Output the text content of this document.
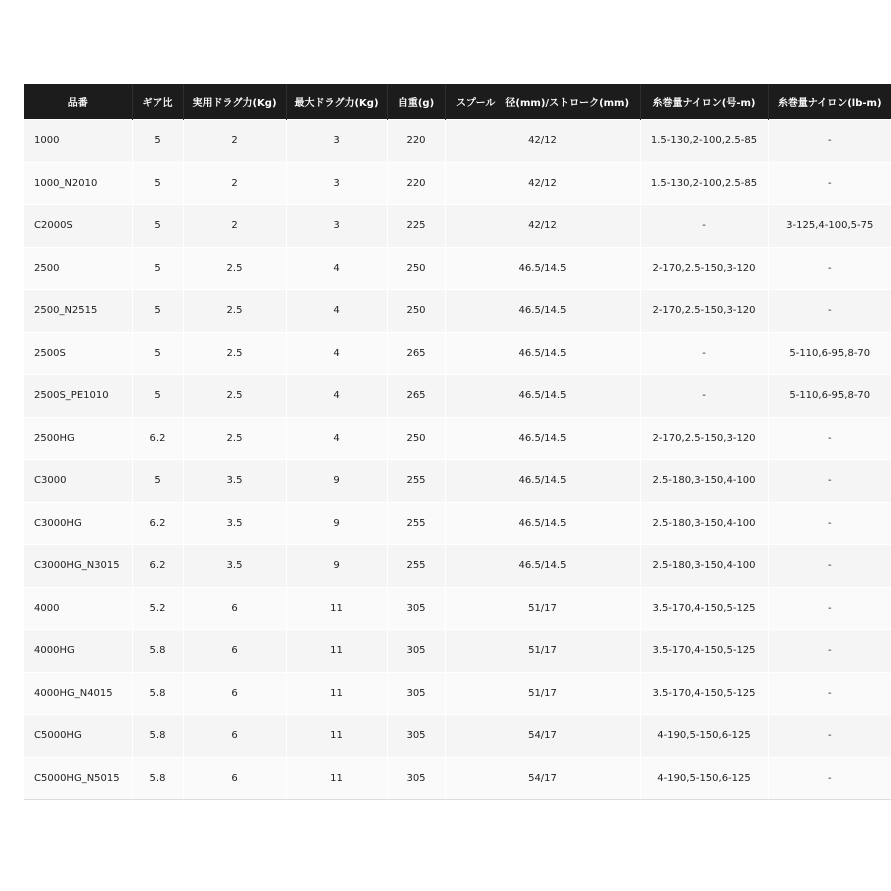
品番	ギア比	実用ドラグ力(Kg)	最大ドラグ力(Kg)	自重(g)	スプール　径(mm)/ストローク(mm)	糸巻量ナイロン(号-m)	糸巻量ナイロン(lb-m)
1000	5	2	3	220	42/12	1.5-130,2-100,2.5-85	-
1000_N2010	5	2	3	220	42/12	1.5-130,2-100,2.5-85	-
C2000S	5	2	3	225	42/12	-	3-125,4-100,5-75
2500	5	2.5	4	250	46.5/14.5	2-170,2.5-150,3-120	-
2500_N2515	5	2.5	4	250	46.5/14.5	2-170,2.5-150,3-120	-
2500S	5	2.5	4	265	46.5/14.5	-	5-110,6-95,8-70
2500S_PE1010	5	2.5	4	265	46.5/14.5	-	5-110,6-95,8-70
2500HG	6.2	2.5	4	250	46.5/14.5	2-170,2.5-150,3-120	-
C3000	5	3.5	9	255	46.5/14.5	2.5-180,3-150,4-100	-
C3000HG	6.2	3.5	9	255	46.5/14.5	2.5-180,3-150,4-100	-
C3000HG_N3015	6.2	3.5	9	255	46.5/14.5	2.5-180,3-150,4-100	-
4000	5.2	6	11	305	51/17	3.5-170,4-150,5-125	-
4000HG	5.8	6	11	305	51/17	3.5-170,4-150,5-125	-
4000HG_N4015	5.8	6	11	305	51/17	3.5-170,4-150,5-125	-
C5000HG	5.8	6	11	305	54/17	4-190,5-150,6-125	-
C5000HG_N5015	5.8	6	11	305	54/17	4-190,5-150,6-125	-
